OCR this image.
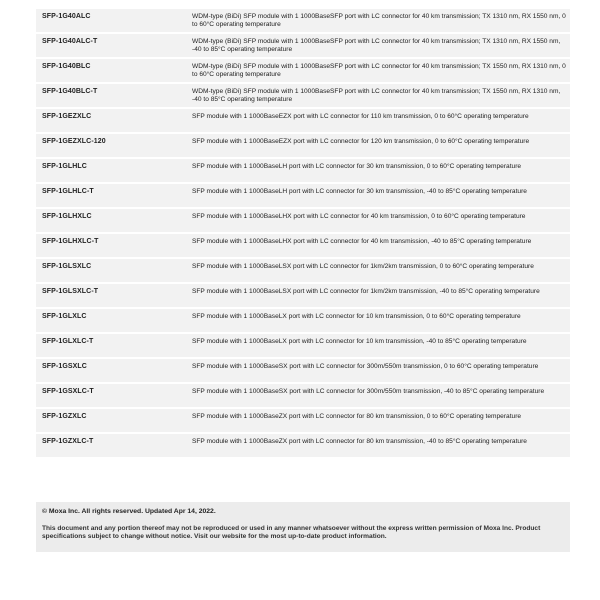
SFP-1G40ALC	WDM-type (BiDi) SFP module with 1 1000BaseSFP port with LC connector for 40 km transmission; TX 1310 nm, RX 1550 nm, 0 to 60°C operating temperature
SFP-1G40ALC-T	WDM-type (BiDi) SFP module with 1 1000BaseSFP port with LC connector for 40 km transmission; TX 1310 nm, RX 1550 nm, -40 to 85°C operating temperature
SFP-1G40BLC	WDM-type (BiDi) SFP module with 1 1000BaseSFP port with LC connector for 40 km transmission; TX 1550 nm, RX 1310 nm, 0 to 60°C operating temperature
SFP-1G40BLC-T	WDM-type (BiDi) SFP module with 1 1000BaseSFP port with LC connector for 40 km transmission; TX 1550 nm, RX 1310 nm, -40 to 85°C operating temperature
SFP-1GEZXLC	SFP module with 1 1000BaseEZX port with LC connector for 110 km transmission, 0 to 60°C operating temperature
SFP-1GEZXLC-120	SFP module with 1 1000BaseEZX port with LC connector for 120 km transmission, 0 to 60°C operating temperature
SFP-1GLHLC	SFP module with 1 1000BaseLH port with LC connector for 30 km transmission, 0 to 60°C operating temperature
SFP-1GLHLC-T	SFP module with 1 1000BaseLH port with LC connector for 30 km transmission, -40 to 85°C operating temperature
SFP-1GLHXLC	SFP module with 1 1000BaseLHX port with LC connector for 40 km transmission, 0 to 60°C operating temperature
SFP-1GLHXLC-T	SFP module with 1 1000BaseLHX port with LC connector for 40 km transmission, -40 to 85°C operating temperature
SFP-1GLSXLC	SFP module with 1 1000BaseLSX port with LC connector for 1km/2km transmission, 0 to 60°C operating temperature
SFP-1GLSXLC-T	SFP module with 1 1000BaseLSX port with LC connector for 1km/2km transmission, -40 to 85°C operating temperature
SFP-1GLXLC	SFP module with 1 1000BaseLX port with LC connector for 10 km transmission, 0 to 60°C operating temperature
SFP-1GLXLC-T	SFP module with 1 1000BaseLX port with LC connector for 10 km transmission, -40 to 85°C operating temperature
SFP-1GSXLC	SFP module with 1 1000BaseSX port with LC connector for 300m/550m transmission, 0 to 60°C operating temperature
SFP-1GSXLC-T	SFP module with 1 1000BaseSX port with LC connector for 300m/550m transmission, -40 to 85°C operating temperature
SFP-1GZXLC	SFP module with 1 1000BaseZX port with LC connector for 80 km transmission, 0 to 60°C operating temperature
SFP-1GZXLC-T	SFP module with 1 1000BaseZX port with LC connector for 80 km transmission, -40 to 85°C operating temperature
© Moxa Inc. All rights reserved. Updated Apr 14, 2022.
This document and any portion thereof may not be reproduced or used in any manner whatsoever without the express written permission of Moxa Inc. Product specifications subject to change without notice. Visit our website for the most up-to-date product information.
